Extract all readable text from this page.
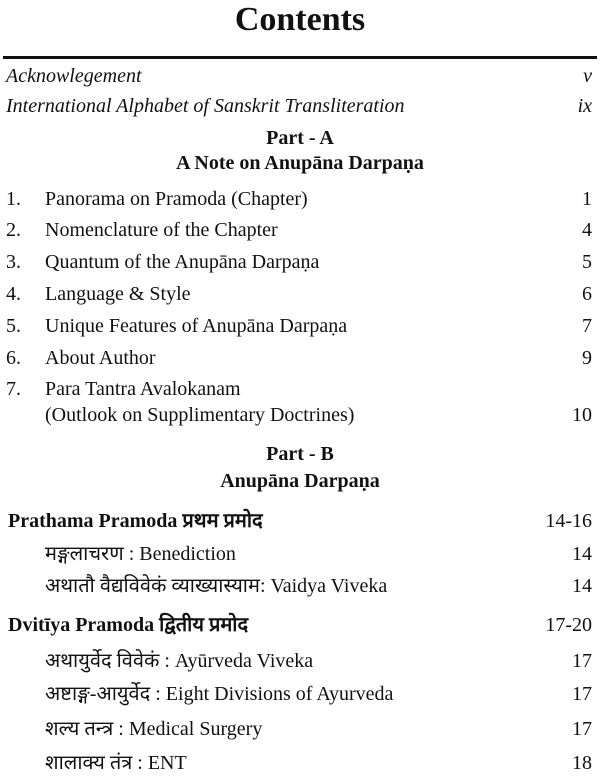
Contents
Acknowlegement	v
International Alphabet of Sanskrit Transliteration	ix
Part - A
A Note on Anupāna Darpaṇa
1. Panorama on Pramoda (Chapter)	1
2. Nomenclature of the Chapter	4
3. Quantum of the Anupāna Darpaṇa	5
4. Language & Style	6
5. Unique Features of Anupāna Darpaṇa	7
6. About Author	9
7. Para Tantra Avalokanam
(Outlook on Supplimentary Doctrines)	10
Part - B
Anupāna Darpaṇa
Prathama Pramoda प्रथम प्रमोद	14-16
मङ्गलाचरण : Benediction	14
अथातौ वैद्यविवेकं व्याख्यास्याम: Vaidya Viveka	14
Dvitīya Pramoda द्वितीय प्रमोद	17-20
अथायुर्वेद विवेकं : Ayūrveda Viveka	17
अष्टाङ्ग-आयुर्वेद : Eight Divisions of Ayurveda	17
शल्य तन्त्र : Medical Surgery	17
शालाक्य तंत्र : ENT	18
